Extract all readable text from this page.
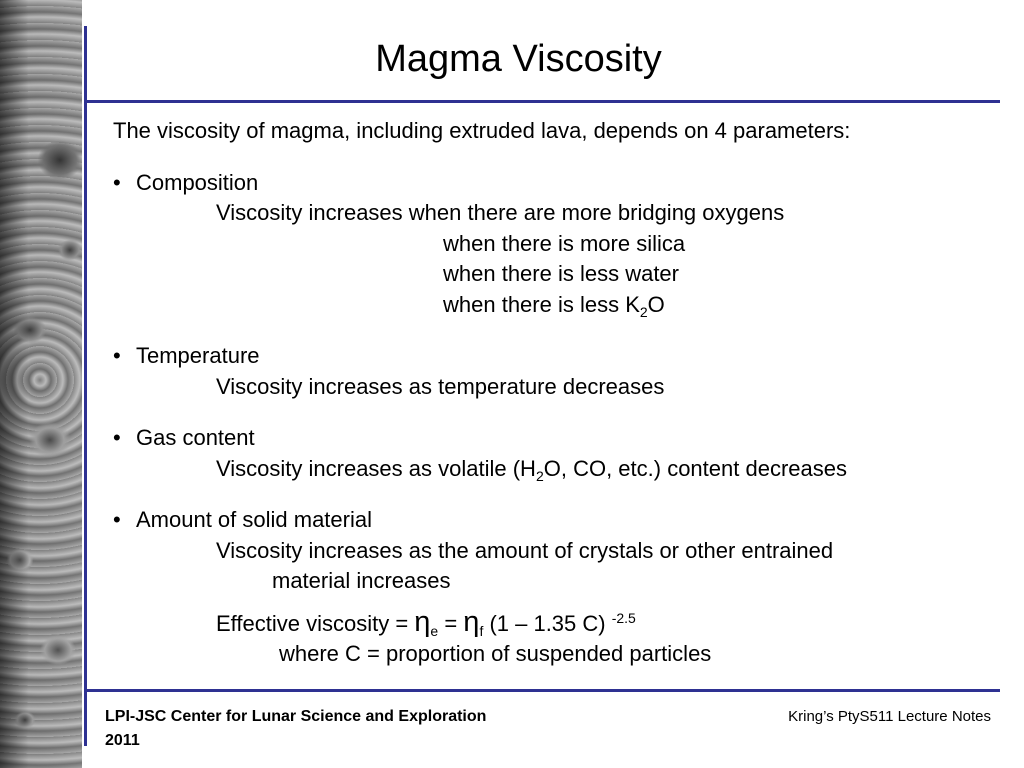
Magma Viscosity

The viscosity of magma, including extruded lava, depends on 4 parameters:

• Composition

Viscosity increases when there are more bridging oxygens

when there is more silica

when there is less water

when there is less $K_2O$

• Temperature

Viscosity increases as temperature decreases

• Gas content

Viscosity increases as volatile ($H_2O$, CO, etc.) content decreases

• Amount of solid material

Viscosity increases as the amount of crystals or other entrained

material increases

Effective viscosity = $\eta_e = \eta_f$ (1 – 1.35 C) $^{-2.5}$

where C = proportion of suspended particles

LPI-JSC Center for Lunar Science and Exploration
2011
Kring’s PtyS511 Lecture Notes
